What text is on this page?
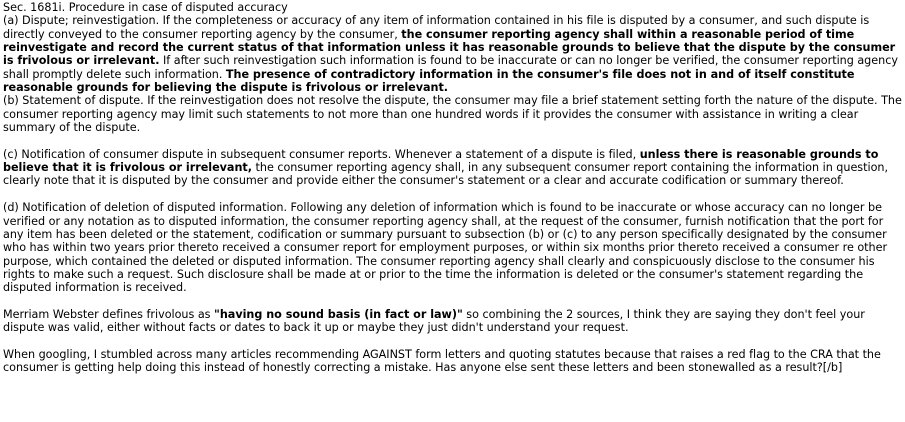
Sec. 1681i. Procedure in case of disputed accuracy
(a) Dispute; reinvestigation. If the completeness or accuracy of any item of information contained in his file is disputed by a consumer, and such dispute is directly conveyed to the consumer reporting agency by the consumer, the consumer reporting agency shall within a reasonable period of time reinvestigate and record the current status of that information unless it has reasonable grounds to believe that the dispute by the consumer is frivolous or irrelevant. If after such reinvestigation such information is found to be inaccurate or can no longer be verified, the consumer reporting agency shall promptly delete such information. The presence of contradictory information in the consumer's file does not in and of itself constitute reasonable grounds for believing the dispute is frivolous or irrelevant.
(b) Statement of dispute. If the reinvestigation does not resolve the dispute, the consumer may file a brief statement setting forth the nature of the dispute. The consumer reporting agency may limit such statements to not more than one hundred words if it provides the consumer with assistance in writing a clear summary of the dispute.
(c) Notification of consumer dispute in subsequent consumer reports. Whenever a statement of a dispute is filed, unless there is reasonable grounds to believe that it is frivolous or irrelevant, the consumer reporting agency shall, in any subsequent consumer report containing the information in question, clearly note that it is disputed by the consumer and provide either the consumer's statement or a clear and accurate codification or summary thereof.
(d) Notification of deletion of disputed information. Following any deletion of information which is found to be inaccurate or whose accuracy can no longer be verified or any notation as to disputed information, the consumer reporting agency shall, at the request of the consumer, furnish notification that the port for any item has been deleted or the statement, codification or summary pursuant to subsection (b) or (c) to any person specifically designated by the consumer who has within two years prior thereto received a consumer report for employment purposes, or within six months prior thereto received a consumer re other purpose, which contained the deleted or disputed information. The consumer reporting agency shall clearly and conspicuously disclose to the consumer his rights to make such a request. Such disclosure shall be made at or prior to the time the information is deleted or the consumer's statement regarding the disputed information is received.
Merriam Webster defines frivolous as "having no sound basis (in fact or law)" so combining the 2 sources, I think they are saying they don't feel your dispute was valid, either without facts or dates to back it up or maybe they just didn't understand your request.
When googling, I stumbled across many articles recommending AGAINST form letters and quoting statutes because that raises a red flag to the CRA that the consumer is getting help doing this instead of honestly correcting a mistake. Has anyone else sent these letters and been stonewalled as a result?[/b]
